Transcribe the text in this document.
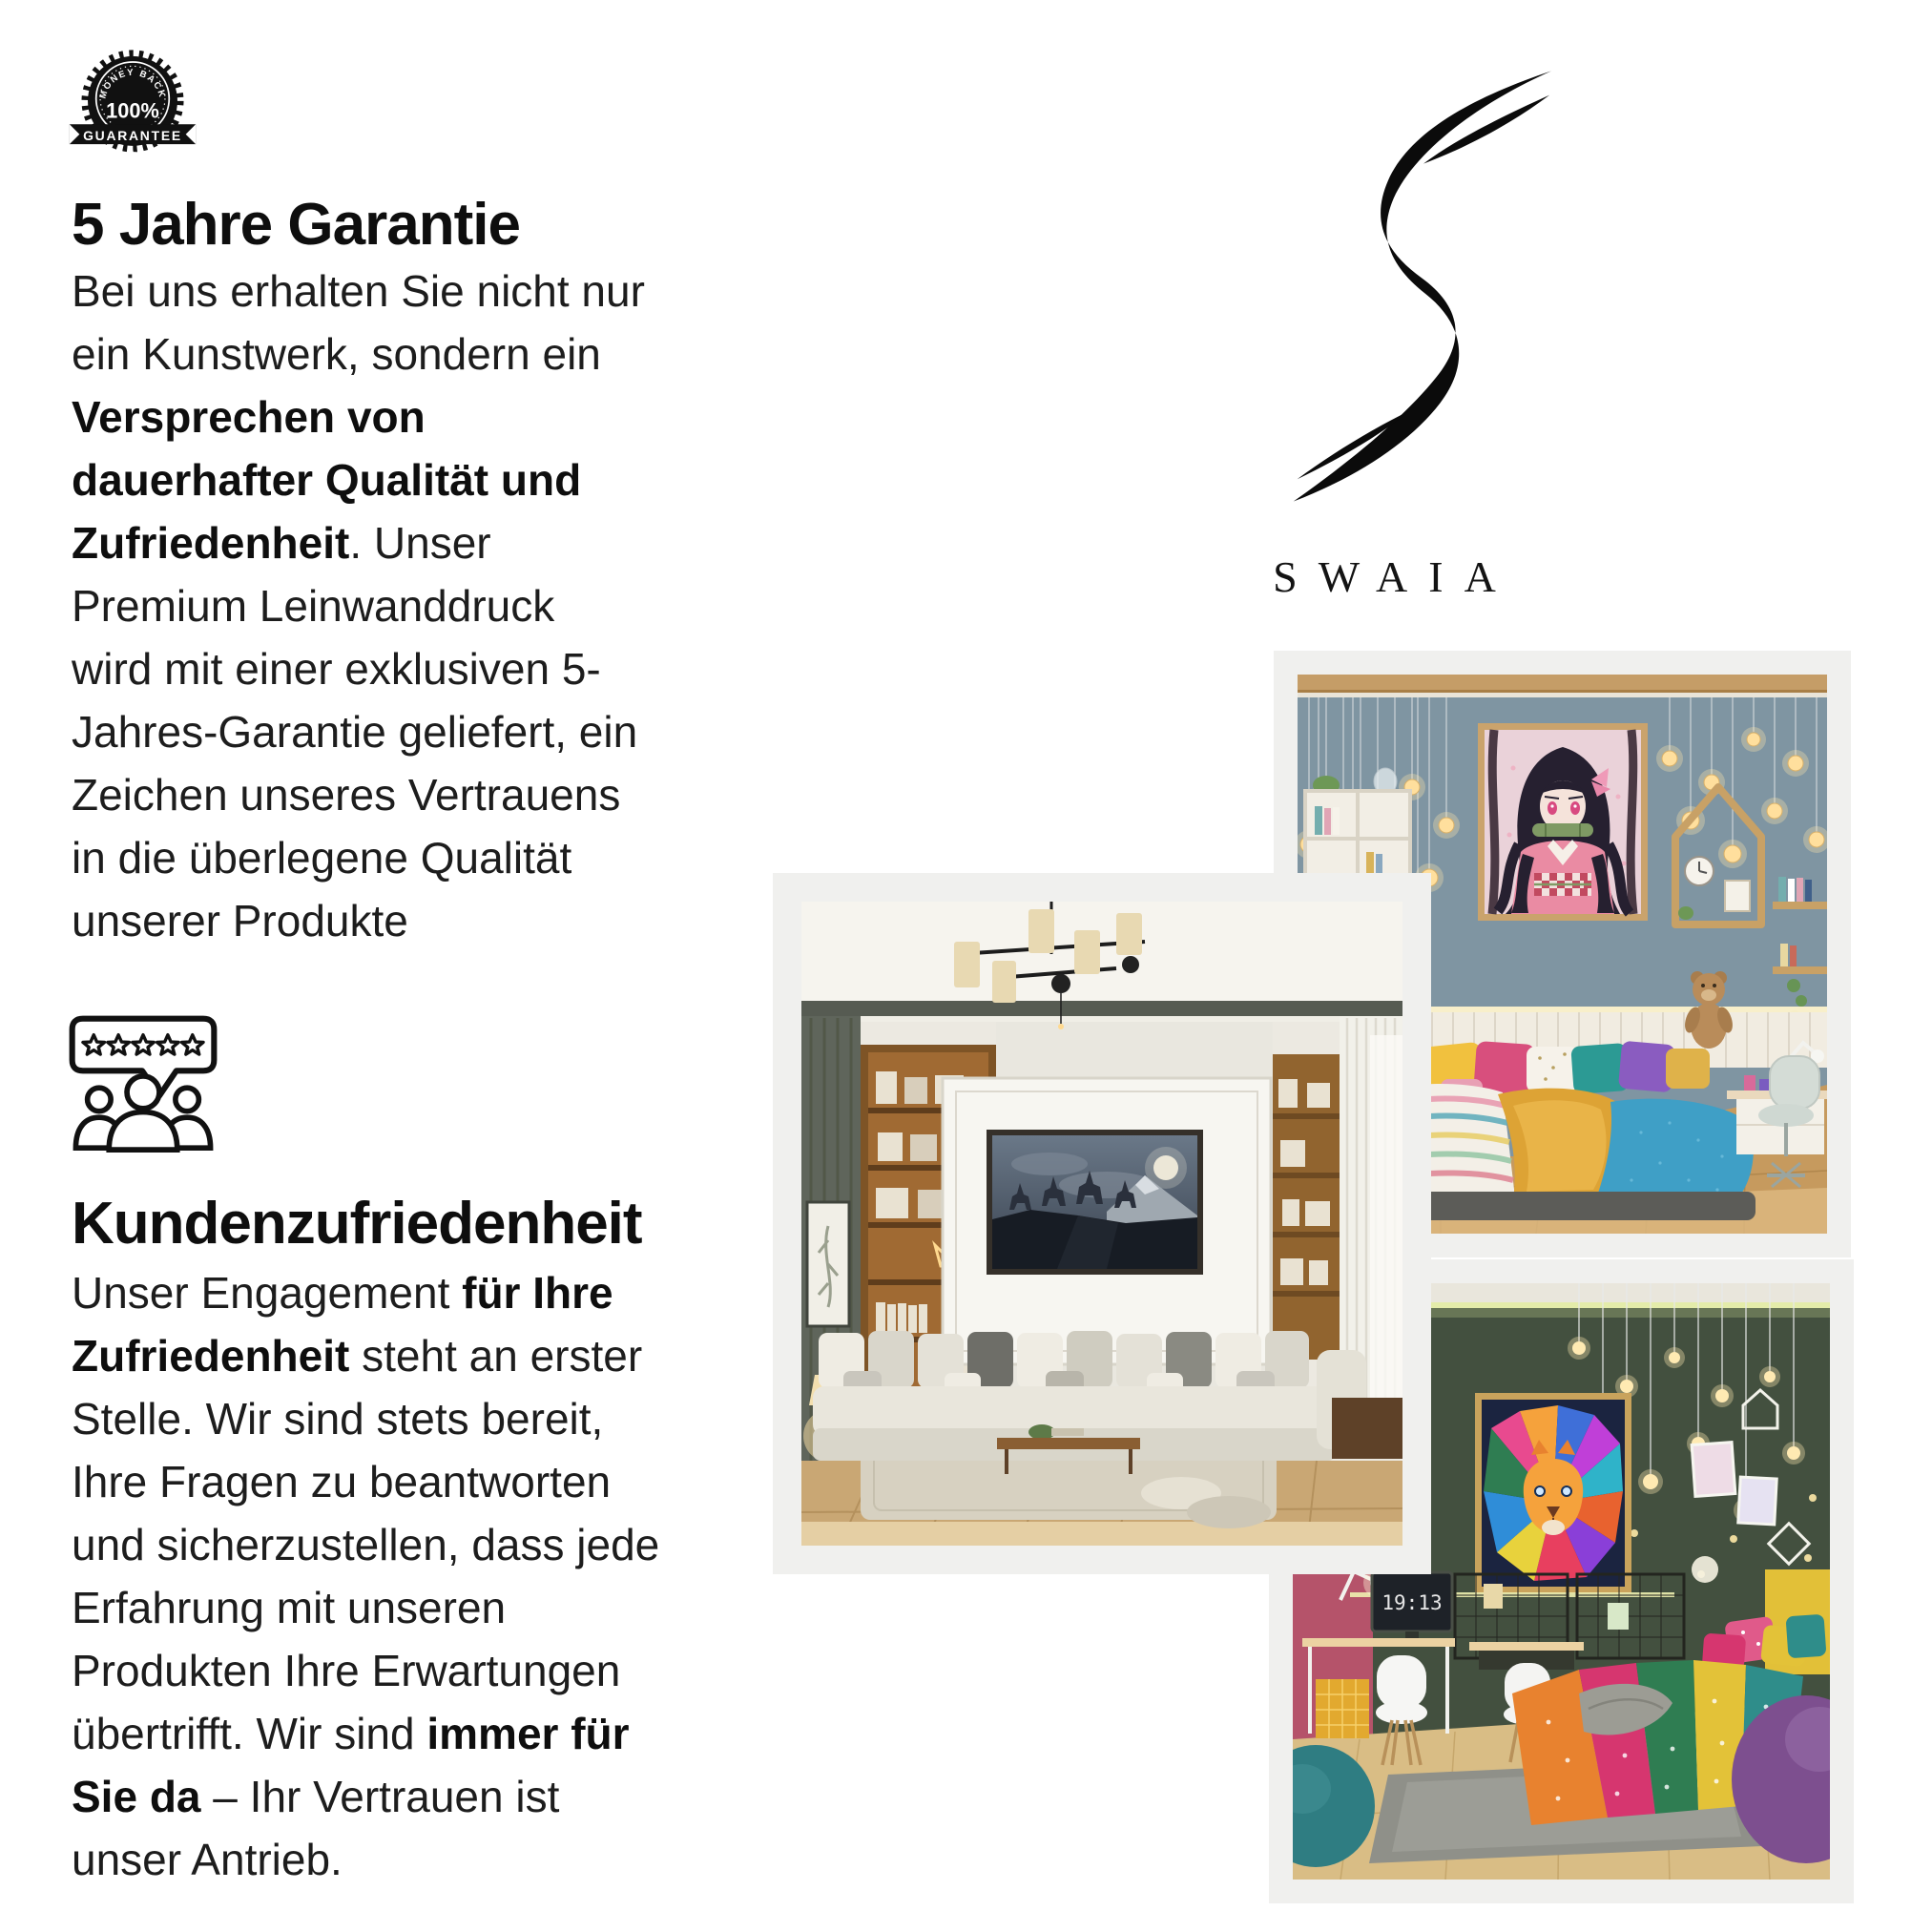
MONEY BACK
100%
GUARANTEE
★ ★ ★
5 Jahre Garantie
Bei uns erhalten Sie nicht nur
ein Kunstwerk, sondern ein
Versprechen von
dauerhafter Qualität und
Zufriedenheit. Unser
Premium Leinwanddruck
wird mit einer exklusiven 5-
Jahres-Garantie geliefert, ein
Zeichen unseres Vertrauens
in die überlegene Qualität
unserer Produkte
Kundenzufriedenheit
Unser Engagement für Ihre
Zufriedenheit steht an erster
Stelle. Wir sind stets bereit,
Ihre Fragen zu beantworten
und sicherzustellen, dass jede
Erfahrung mit unseren
Produkten Ihre Erwartungen
übertrifft. Wir sind immer für
Sie da – Ihr Vertrauen ist
unser Antrieb.
SWAIA
19:13
